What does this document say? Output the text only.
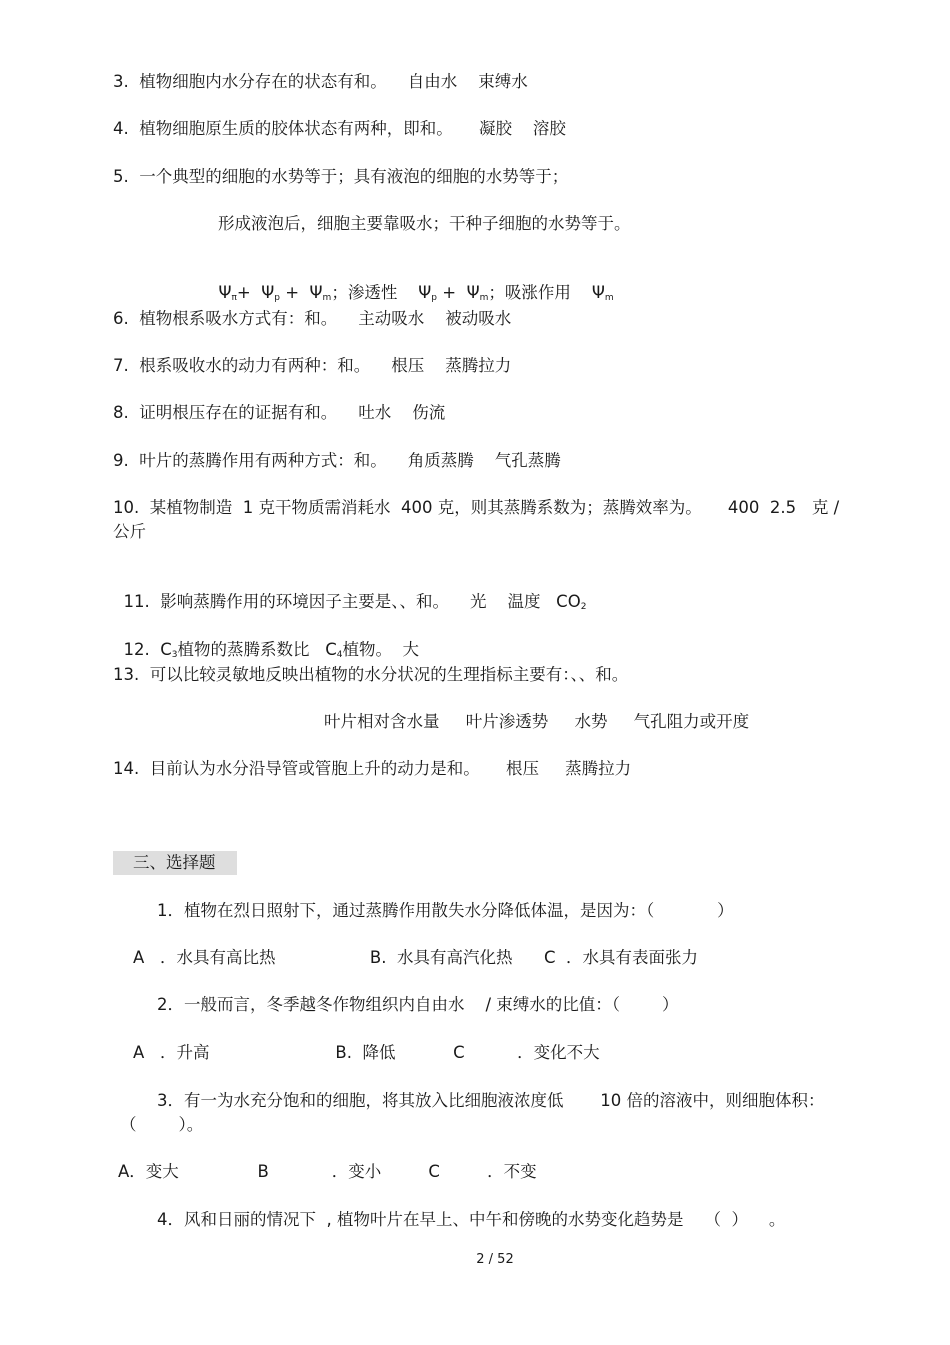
3.  植物细胞内水分存在的状态有和。    自由水    束缚水
4.  植物细胞原生质的胶体状态有两种，即和。     凝胶    溶胶
5.  一个典型的细胞的水势等于；具有液泡的细胞的水势等于；
形成液泡后，细胞主要靠吸水；干种子细胞的水势等于。

$\Psi_\pi+ \Psi_p + \Psi_m$；渗透性    $\Psi_p + \Psi_m$；吸涨作用    $\Psi_m$

6.  植物根系吸水方式有：和。    主动吸水    被动吸水
7.  根系吸收水的动力有两种：和。    根压    蒸腾拉力
8.  证明根压存在的证据有和。    吐水    伤流
9.  叶片的蒸腾作用有两种方式：和。    角质蒸腾    气孔蒸腾
10.  某植物制造  1 克干物质需消耗水  400 克，则其蒸腾系数为；蒸腾效率为。     400  2.5   克 /
公斤

11.  影响蒸腾作用的环境因子主要是、、和。    光    温度   $CO_2$

12.  $C_3$植物的蒸腾系数比   $C_4$植物。  大

13.  可以比较灵敏地反映出植物的水分状况的生理指标主要有：、、和。
叶片相对含水量     叶片渗透势     水势     气孔阻力或开度
14.  目前认为水分沿导管或管胞上升的动力是和。     根压     蒸腾拉力
三、选择题
1．植物在烈日照射下，通过蒸腾作用散失水分降低体温，是因为：（            ）
A   ．水具有高比热                  B.  水具有高汽化热      C  ．水具有表面张力
2．一般而言，冬季越冬作物组织内自由水    / 束缚水的比值：（        ）
A   ．升高                        B.  降低           C          ．变化不大
3．有一为水充分饱和的细胞，将其放入比细胞液浓度低       10 倍的溶液中，则细胞体积：
（        ）。
A．变大               B            ．变小         C         ．不变
4．风和日丽的情况下  , 植物叶片在早上、中午和傍晚的水势变化趋势是    （  ）    。
2 / 52
